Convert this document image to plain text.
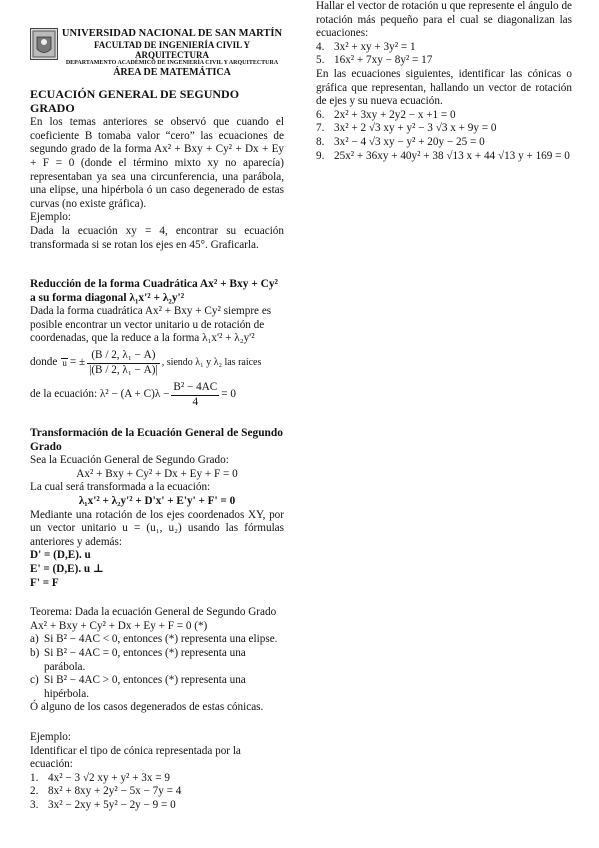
UNIVERSIDAD NACIONAL DE SAN MARTÍN
FACULTAD DE INGENIERÍA CIVIL Y ARQUITECTURA
DEPARTAMENTO ACADÉMICO DE INGENIERÍA CIVIL Y ARQUITECTURA
ÁREA DE MATEMÁTICA
ECUACIÓN GENERAL DE SEGUNDO GRADO

En los temas anteriores se observó que cuando el coeficiente B tomaba valor “cero” las ecuaciones de segundo grado de la forma Ax² + Bxy + Cy² + Dx + Ey + F = 0 (donde el término mixto xy no aparecía) representaban ya sea una circunferencia, una parábola, una elipse, una hipérbola ó un caso degenerado de estas curvas (no existe gráfica).

Ejemplo:

Dada la ecuación xy = 4, encontrar su ecuación transformada si se rotan los ejes en 45°. Graficarla.

Reducción de la forma Cuadrática Ax² + Bxy + Cy² a su forma diagonal λ₁x'² + λ₂y'²

Dada la forma cuadrática Ax² + Bxy + Cy² siempre es posible encontrar un vector unitario u de rotación de coordenadas, que la reduce a la forma λ₁x'² + λ₂y'²

donde u = ± $\frac{\text{(B / 2, λ₁ − A)}}{\text{|(B / 2, λ₁ − A)|}}$ , siendo λ₁ y λ₂ las raíces
de la ecuación: $\lambda^2 - (A + C)\lambda - \frac{\text{B² − 4AC}}{4} = 0$
Transformación de la Ecuación General de Segundo Grado

Sea la Ecuación General de Segundo Grado:

Ax² + Bxy + Cy² + Dx + Ey + F = 0

La cual será transformada a la ecuación:

λ₁x'² + λ₂y'² + D'x' + E'y' + F' = 0

Mediante una rotación de los ejes coordenados XY, por un vector unitario u = (u₁, u₂) usando las fórmulas anteriores y además:

D' = (D,E). u

E' = (D,E). u ⊥

F' = F

Teorema: Dada la ecuación General de Segundo Grado

Ax² + Bxy + Cy² + Dx + Ey + F = 0 (*)

a) Si B² − 4AC < 0, entonces (*) representa una elipse.
b) Si B² − 4AC = 0, entonces (*) representa una parábola.
c) Si B² − 4AC > 0, entonces (*) representa una hipérbola.

Ó alguno de los casos degenerados de estas cónicas.

Ejemplo:

Identificar el tipo de cónica representada por la ecuación:

1. 4x² − 3 √2 xy + y² + 3x = 9
2. 8x² + 8xy + 2y² − 5x − 7y = 4
3. 3x² − 2xy + 5y² − 2y − 9 = 0

Hallar el vector de rotación u que represente el ángulo de rotación más pequeño para el cual se diagonalizan las ecuaciones:

4. 3x² + xy + 3y² = 1
5. 16x² + 7xy − 8y² = 17

En las ecuaciones siguientes, identificar las cónicas o gráfica que representan, hallando un vector de rotación de ejes y su nueva ecuación.

6. 2x² + 3xy + 2y2 − x +1 = 0
7. 3x² + 2 √3 xy + y² − 3 √3 x + 9y = 0
8. 3x² − 4 √3 xy − y² + 20y − 25 = 0
9. 25x² + 36xy + 40y² + 38 √13 x + 44 √13 y + 169 = 0
